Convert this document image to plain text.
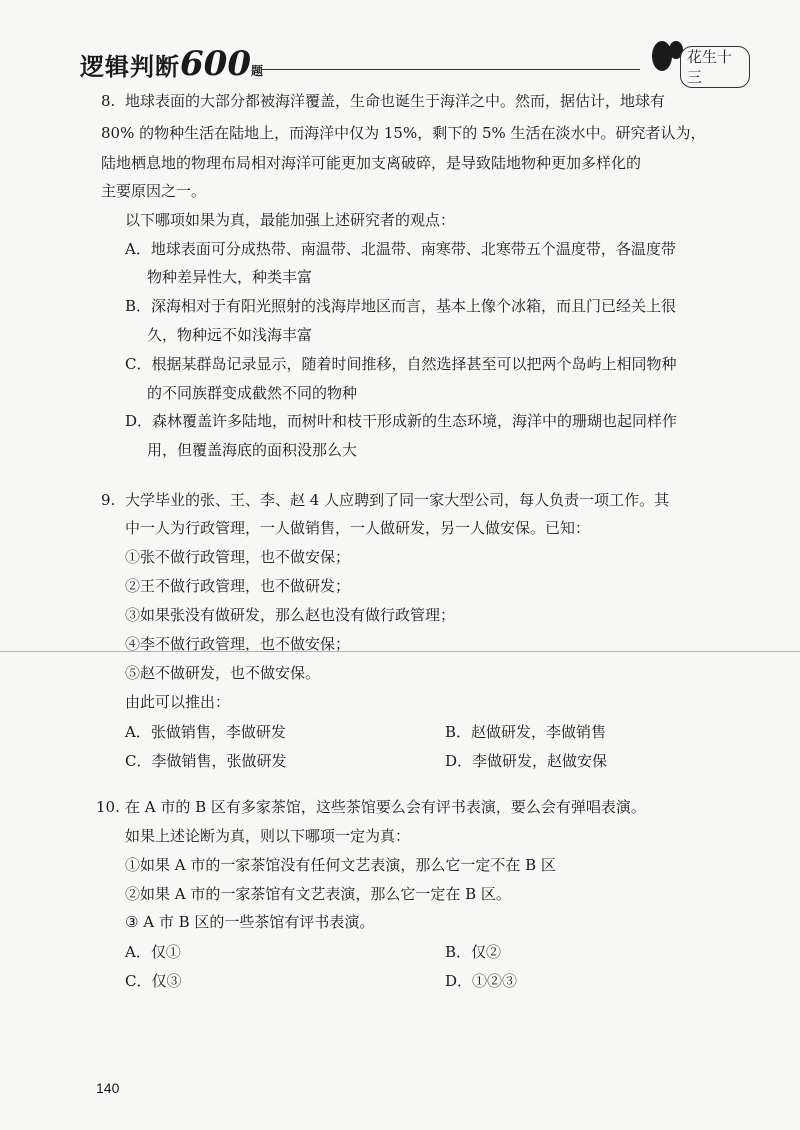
逻辑判断600题
花生十三
8. 地球表面的大部分都被海洋覆盖，生命也诞生于海洋之中。然而，据估计，地球有
80% 的物种生活在陆地上，而海洋中仅为 15%，剩下的 5% 生活在淡水中。研究者认为，
陆地栖息地的物理布局相对海洋可能更加支离破碎，是导致陆地物种更加多样化的
主要原因之一。
以下哪项如果为真，最能加强上述研究者的观点：
A．地球表面可分成热带、南温带、北温带、南寒带、北寒带五个温度带，各温度带
物种差异性大，种类丰富
B．深海相对于有阳光照射的浅海岸地区而言，基本上像个冰箱，而且门已经关上很
久，物种远不如浅海丰富
C．根据某群岛记录显示，随着时间推移，自然选择甚至可以把两个岛屿上相同物种
的不同族群变成截然不同的物种
D．森林覆盖许多陆地，而树叶和枝干形成新的生态环境，海洋中的珊瑚也起同样作
用，但覆盖海底的面积没那么大
9. 大学毕业的张、王、李、赵 4 人应聘到了同一家大型公司，每人负责一项工作。其
中一人为行政管理，一人做销售，一人做研发，另一人做安保。已知：
①张不做行政管理，也不做安保；
②王不做行政管理，也不做研发；
③如果张没有做研发，那么赵也没有做行政管理；
④李不做行政管理，也不做安保；
⑤赵不做研发，也不做安保。
由此可以推出：
A．张做销售，李做研发	B．赵做研发，李做销售
C．李做销售，张做研发	D．李做研发，赵做安保
10. 在 A 市的 B 区有多家茶馆，这些茶馆要么会有评书表演，要么会有弹唱表演。
如果上述论断为真，则以下哪项一定为真：
①如果 A 市的一家茶馆没有任何文艺表演，那么它一定不在 B 区
②如果 A 市的一家茶馆有文艺表演，那么它一定在 B 区。
③ A 市 B 区的一些茶馆有评书表演。
A．仅①	B．仅②
C．仅③	D．①②③
140
